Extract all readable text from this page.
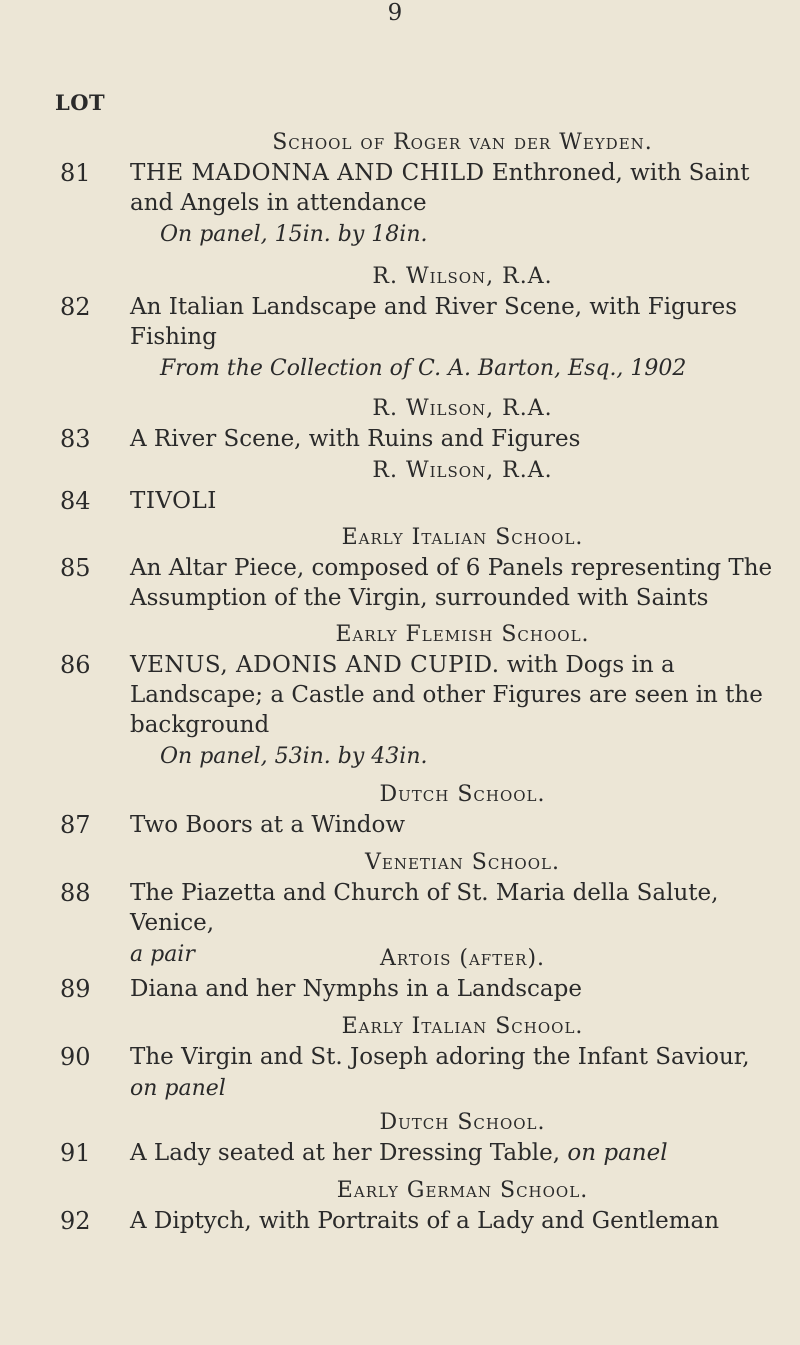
9
LOT
81
School of Roger van der Weyden.

THE MADONNA AND CHILD Enthroned, with Saint and Angels in attendance

On panel, 15in. by 18in.

82
R. Wilson, R.A.

An Italian Landscape and River Scene, with Figures Fishing

From the Collection of C. A. Barton, Esq., 1902

83
R. Wilson, R.A.

A River Scene, with Ruins and Figures

84
R. Wilson, R.A.

TIVOLI

85
Early Italian School.

An Altar Piece, composed of 6 Panels representing The Assumption of the Virgin, surrounded with Saints

86
Early Flemish School.

VENUS, ADONIS AND CUPID. with Dogs in a Landscape; a Castle and other Figures are seen in the background

On panel, 53in. by 43in.

87
Dutch School.

Two Boors at a Window

88
Venetian School.

The Piazetta and Church of St. Maria della Salute, Venice,

a pair

89
Artois (after).

Diana and her Nymphs in a Landscape

90
Early Italian School.

The Virgin and St. Joseph adoring the Infant Saviour,

on panel

91
Dutch School.

A Lady seated at her Dressing Table, on panel

92
Early German School.

A Diptych, with Portraits of a Lady and Gentleman
